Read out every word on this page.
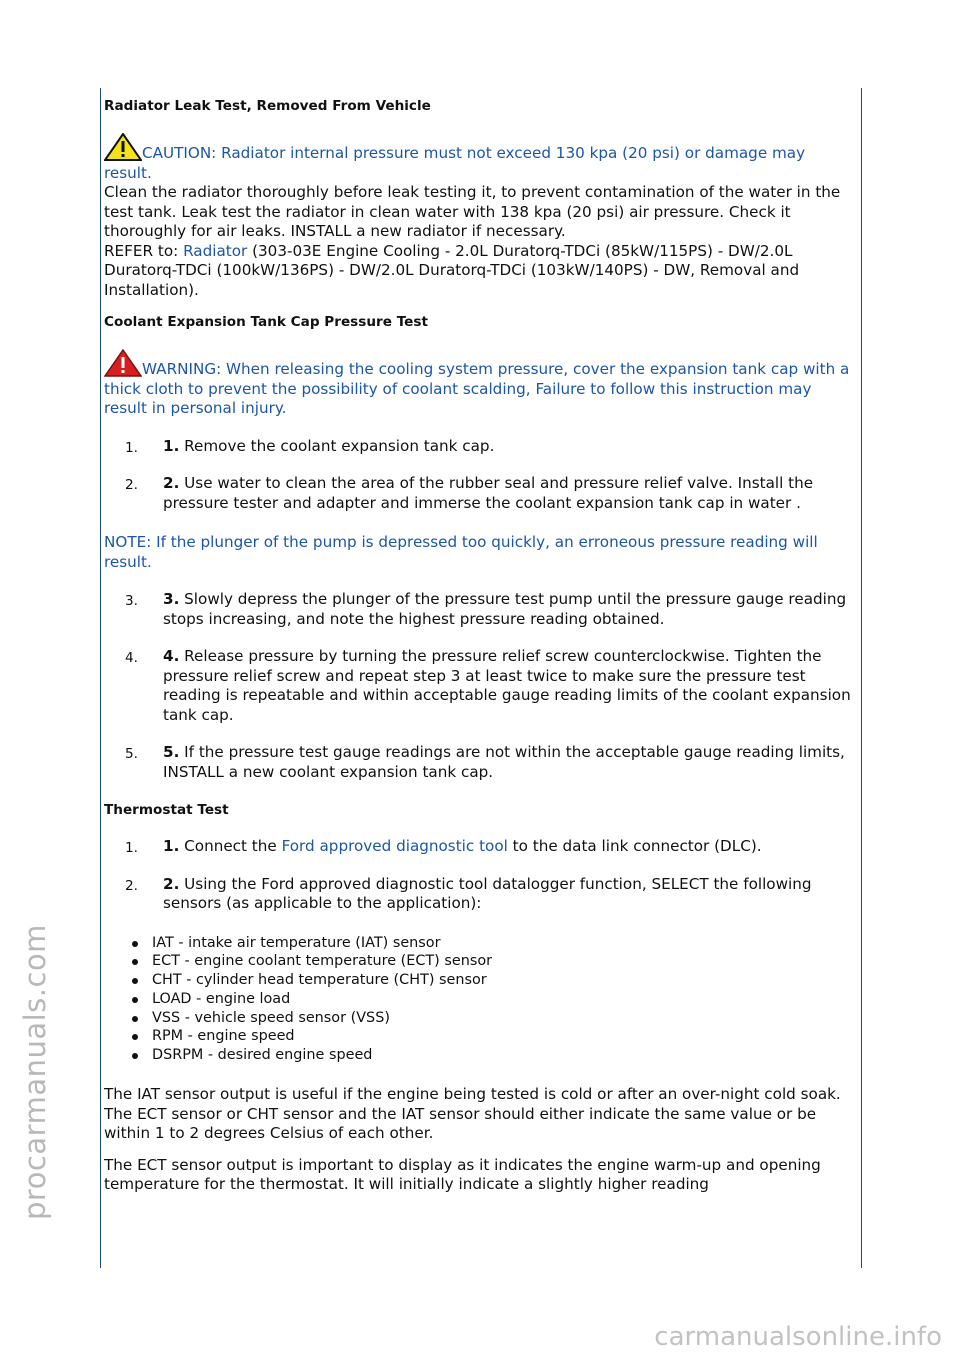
Radiator Leak Test, Removed From Vehicle
CAUTION: Radiator internal pressure must not exceed 130 kpa (20 psi) or damage may result.

Clean the radiator thoroughly before leak testing it, to prevent contamination of the water in the test tank. Leak test the radiator in clean water with 138 kpa (20 psi) air pressure. Check it thoroughly for air leaks. INSTALL a new radiator if necessary.

REFER to: Radiator (303-03E Engine Cooling - 2.0L Duratorq-TDCi (85kW/115PS) - DW/2.0L Duratorq-TDCi (100kW/136PS) - DW/2.0L Duratorq-TDCi (103kW/140PS) - DW, Removal and Installation).

Coolant Expansion Tank Cap Pressure Test
WARNING: When releasing the cooling system pressure, cover the expansion tank cap with a thick cloth to prevent the possibility of coolant scalding, Failure to follow this instruction may result in personal injury.
1. 1. Remove the coolant expansion tank cap.
2. 2. Use water to clean the area of the rubber seal and pressure relief valve. Install the pressure tester and adapter and immerse the coolant expansion tank cap in water .

NOTE: If the plunger of the pump is depressed too quickly, an erroneous pressure reading will result.

3. 3. Slowly depress the plunger of the pressure test pump until the pressure gauge reading stops increasing, and note the highest pressure reading obtained.
4. 4. Release pressure by turning the pressure relief screw counterclockwise. Tighten the pressure relief screw and repeat step 3 at least twice to make sure the pressure test reading is repeatable and within acceptable gauge reading limits of the coolant expansion tank cap.
5. 5. If the pressure test gauge readings are not within the acceptable gauge reading limits, INSTALL a new coolant expansion tank cap.
Thermostat Test
1. 1. Connect the Ford approved diagnostic tool to the data link connector (DLC).
2. 2. Using the Ford approved diagnostic tool datalogger function, SELECT the following sensors (as applicable to the application):
IAT - intake air temperature (IAT) sensor
ECT - engine coolant temperature (ECT) sensor
CHT - cylinder head temperature (CHT) sensor
LOAD - engine load
VSS - vehicle speed sensor (VSS)
RPM - engine speed
DSRPM - desired engine speed

The IAT sensor output is useful if the engine being tested is cold or after an over-night cold soak. The ECT sensor or CHT sensor and the IAT sensor should either indicate the same value or be within 1 to 2 degrees Celsius of each other.

The ECT sensor output is important to display as it indicates the engine warm-up and opening temperature for the thermostat. It will initially indicate a slightly higher reading

procarmanuals.com
carmanualsonline.info
